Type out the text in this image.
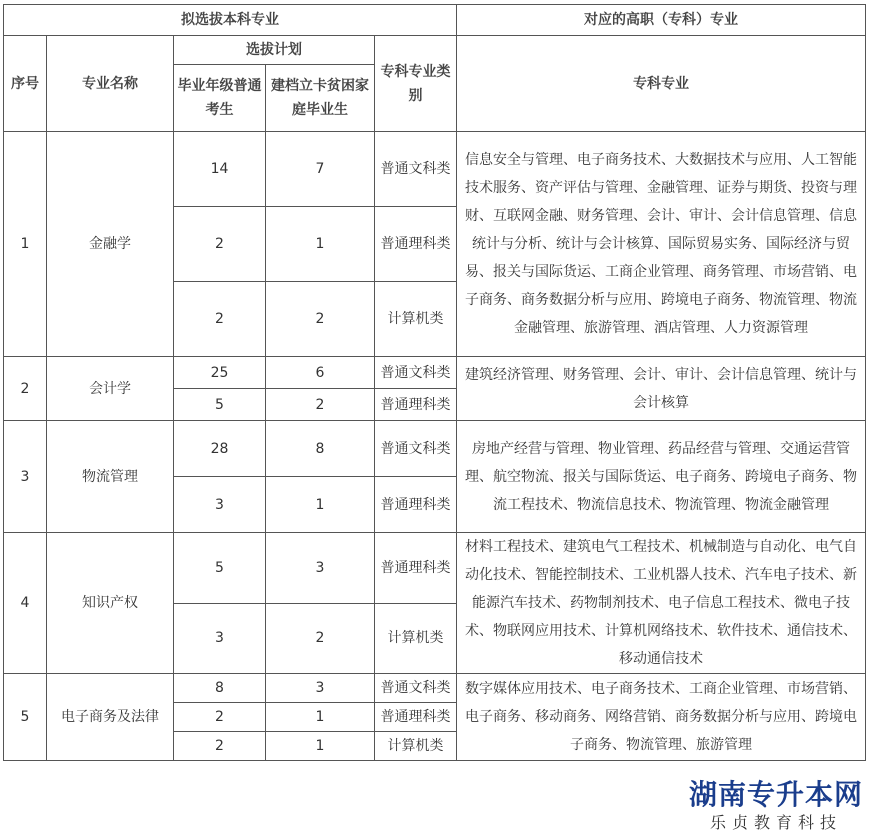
拟选拔本科专业					对应的高职（专科）专业
序号	专业名称	选拔计划		专科专业类别	专科专业
		毕业年级普通考生	建档立卡贫困家庭毕业生		

1	金融学	14	7	普通文科类	信息安全与管理、电子商务技术、大数据技术与应用、人工智能技术服务、资产评估与管理、金融管理、证券与期货、投资与理财、互联网金融、财务管理、会计、审计、会计信息管理、信息统计与分析、统计与会计核算、国际贸易实务、国际经济与贸易、报关与国际货运、工商企业管理、商务管理、市场营销、电子商务、商务数据分析与应用、跨境电子商务、物流管理、物流金融管理、旅游管理、酒店管理、人力资源管理
		2	1	普通理科类	
		2	2	计算机类	
2	会计学	25	6	普通文科类	建筑经济管理、财务管理、会计、审计、会计信息管理、统计与会计核算
		5	2	普通理科类	
3	物流管理	28	8	普通文科类	房地产经营与管理、物业管理、药品经营与管理、交通运营管理、航空物流、报关与国际货运、电子商务、跨境电子商务、物流工程技术、物流信息技术、物流管理、物流金融管理
		3	1	普通理科类	
4	知识产权	5	3	普通理科类	材料工程技术、建筑电气工程技术、机械制造与自动化、电气自动化技术、智能控制技术、工业机器人技术、汽车电子技术、新能源汽车技术、药物制剂技术、电子信息工程技术、微电子技术、物联网应用技术、计算机网络技术、软件技术、通信技术、移动通信技术
		3	2	计算机类	
5	电子商务及法律	8	3	普通文科类	数字媒体应用技术、电子商务技术、工商企业管理、市场营销、电子商务、移动商务、网络营销、商务数据分析与应用、跨境电子商务、物流管理、旅游管理
		2	1	普通理科类	
		2	1	计算机类	
湖南专升本网
乐贞教育科技
